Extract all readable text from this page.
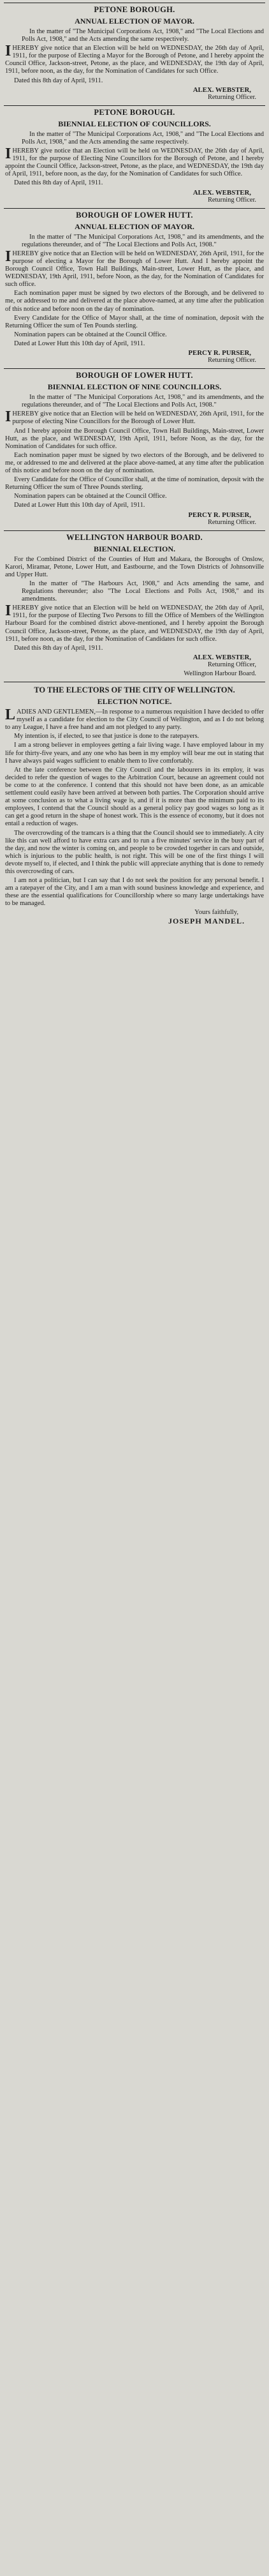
PETONE BOROUGH.
ANNUAL ELECTION OF MAYOR.

In the matter of "The Municipal Corporations Act, 1908," and "The Local Elections and Polls Act, 1908," and the Acts amending the same respectively.

IHEREBY give notice that an Election will be held on WEDNESDAY, the 26th day of April, 1911, for the purpose of Electing a Mayor for the Borough of Petone, and I hereby appoint the Council Office, Jackson-street, Petone, as the place, and WEDNESDAY, the 19th day of April, 1911, before noon, as the day, for the Nomination of Candidates for such Office.

Dated this 8th day of April, 1911.

ALEX. WEBSTER,

Returning Officer.

PETONE BOROUGH.
BIENNIAL ELECTION OF COUNCILLORS.

In the matter of "The Municipal Corporations Act, 1908," and "The Local Elections and Polls Act, 1908," and the Acts amending the same respectively.

IHEREBY give notice that an Election will be held on WEDNESDAY, the 26th day of April, 1911, for the purpose of Electing Nine Councillors for the Borough of Petone, and I hereby appoint the Council Office, Jackson-street, Petone, as the place, and WEDNESDAY, the 19th day of April, 1911, before noon, as the day, for the Nomination of Candidates for such Office.

Dated this 8th day of April, 1911.

ALEX. WEBSTER,

Returning Officer.

BOROUGH OF LOWER HUTT.
ANNUAL ELECTION OF MAYOR.

In the matter of "The Municipal Corporations Act, 1908," and its amendments, and the regulations thereunder, and of "The Local Elections and Polls Act, 1908."

IHEREBY give notice that an Election will be held on WEDNESDAY, 26th April, 1911, for the purpose of electing a Mayor for the Borough of Lower Hutt. And I hereby appoint the Borough Council Office, Town Hall Buildings, Main-street, Lower Hutt, as the place, and WEDNESDAY, 19th April, 1911, before Noon, as the day, for the Nomination of Candidates for such office.

Each nomination paper must be signed by two electors of the Borough, and be delivered to me, or addressed to me and delivered at the place above-named, at any time after the publication of this notice and before noon on the day of nomination.

Every Candidate for the Office of Mayor shall, at the time of nomination, deposit with the Returning Officer the sum of Ten Pounds sterling.

Nomination papers can be obtained at the Council Office.

Dated at Lower Hutt this 10th day of April, 1911.

PERCY R. PURSER,

Returning Officer.

BOROUGH OF LOWER HUTT.
BIENNIAL ELECTION OF NINE COUNCILLORS.

In the matter of "The Municipal Corporations Act, 1908," and its amendments, and the regulations thereunder, and of "The Local Elections and Polls Act, 1908."

IHEREBY give notice that an Election will be held on WEDNESDAY, 26th April, 1911, for the purpose of electing Nine Councillors for the Borough of Lower Hutt.

And I hereby appoint the Borough Council Office, Town Hall Buildings, Main-street, Lower Hutt, as the place, and WEDNESDAY, 19th April, 1911, before Noon, as the day, for the Nomination of Candidates for such office.

Each nomination paper must be signed by two electors of the Borough, and be delivered to me, or addressed to me and delivered at the place above-named, at any time after the publication of this notice and before noon on the day of nomination.

Every Candidate for the Office of Councillor shall, at the time of nomination, deposit with the Returning Officer the sum of Three Pounds sterling.

Nomination papers can be obtained at the Council Office.

Dated at Lower Hutt this 10th day of April, 1911.

PERCY R. PURSER,

Returning Officer.

WELLINGTON HARBOUR BOARD.
BIENNIAL ELECTION.

For the Combined District of the Counties of Hutt and Makara, the Boroughs of Onslow, Karori, Miramar, Petone, Lower Hutt, and Eastbourne, and the Town Districts of Johnsonville and Upper Hutt.

In the matter of "The Harbours Act, 1908," and Acts amending the same, and Regulations thereunder; also "The Local Elections and Polls Act, 1908," and its amendments.

IHEREBY give notice that an Election will be held on WEDNESDAY, the 26th day of April, 1911, for the purpose of Electing Two Persons to fill the Office of Members of the Wellington Harbour Board for the combined district above-mentioned, and I hereby appoint the Borough Council Office, Jackson-street, Petone, as the place, and WEDNESDAY, the 19th day of April, 1911, before noon, as the day, for the Nomination of Candidates for such office.

Dated this 8th day of April, 1911.

ALEX. WEBSTER,

Returning Officer,

Wellington Harbour Board.

TO THE ELECTORS OF THE CITY OF WELLINGTON.
ELECTION NOTICE.

LADIES AND GENTLEMEN,—In response to a numerous requisition I have decided to offer myself as a candidate for election to the City Council of Wellington, and as I do not belong to any League, I have a free hand and am not pledged to any party.

My intention is, if elected, to see that justice is done to the ratepayers.

I am a strong believer in employees getting a fair living wage. I have employed labour in my life for thirty-five years, and any one who has been in my employ will bear me out in stating that I have always paid wages sufficient to enable them to live comfortably.

At the late conference between the City Council and the labourers in its employ, it was decided to refer the question of wages to the Arbitration Court, because an agreement could not be come to at the conference. I contend that this should not have been done, as an amicable settlement could easily have been arrived at between both parties. The Corporation should arrive at some conclusion as to what a living wage is, and if it is more than the minimum paid to its employees, I contend that the Council should as a general policy pay good wages so long as it can get a good return in the shape of honest work. This is the essence of economy, but it does not entail a reduction of wages.

The overcrowding of the tramcars is a thing that the Council should see to immediately. A city like this can well afford to have extra cars and to run a five minutes' service in the busy part of the day, and now the winter is coming on, and people to be crowded together in cars and outside, which is injurious to the public health, is not right. This will be one of the first things I will devote myself to, if elected, and I think the public will appreciate anything that is done to remedy this overcrowding of cars.

I am not a politician, but I can say that I do not seek the position for any personal benefit. I am a ratepayer of the City, and I am a man with sound business knowledge and experience, and these are the essential qualifications for Councillorship where so many large undertakings have to be managed.

Yours faithfully,

JOSEPH MANDEL.
